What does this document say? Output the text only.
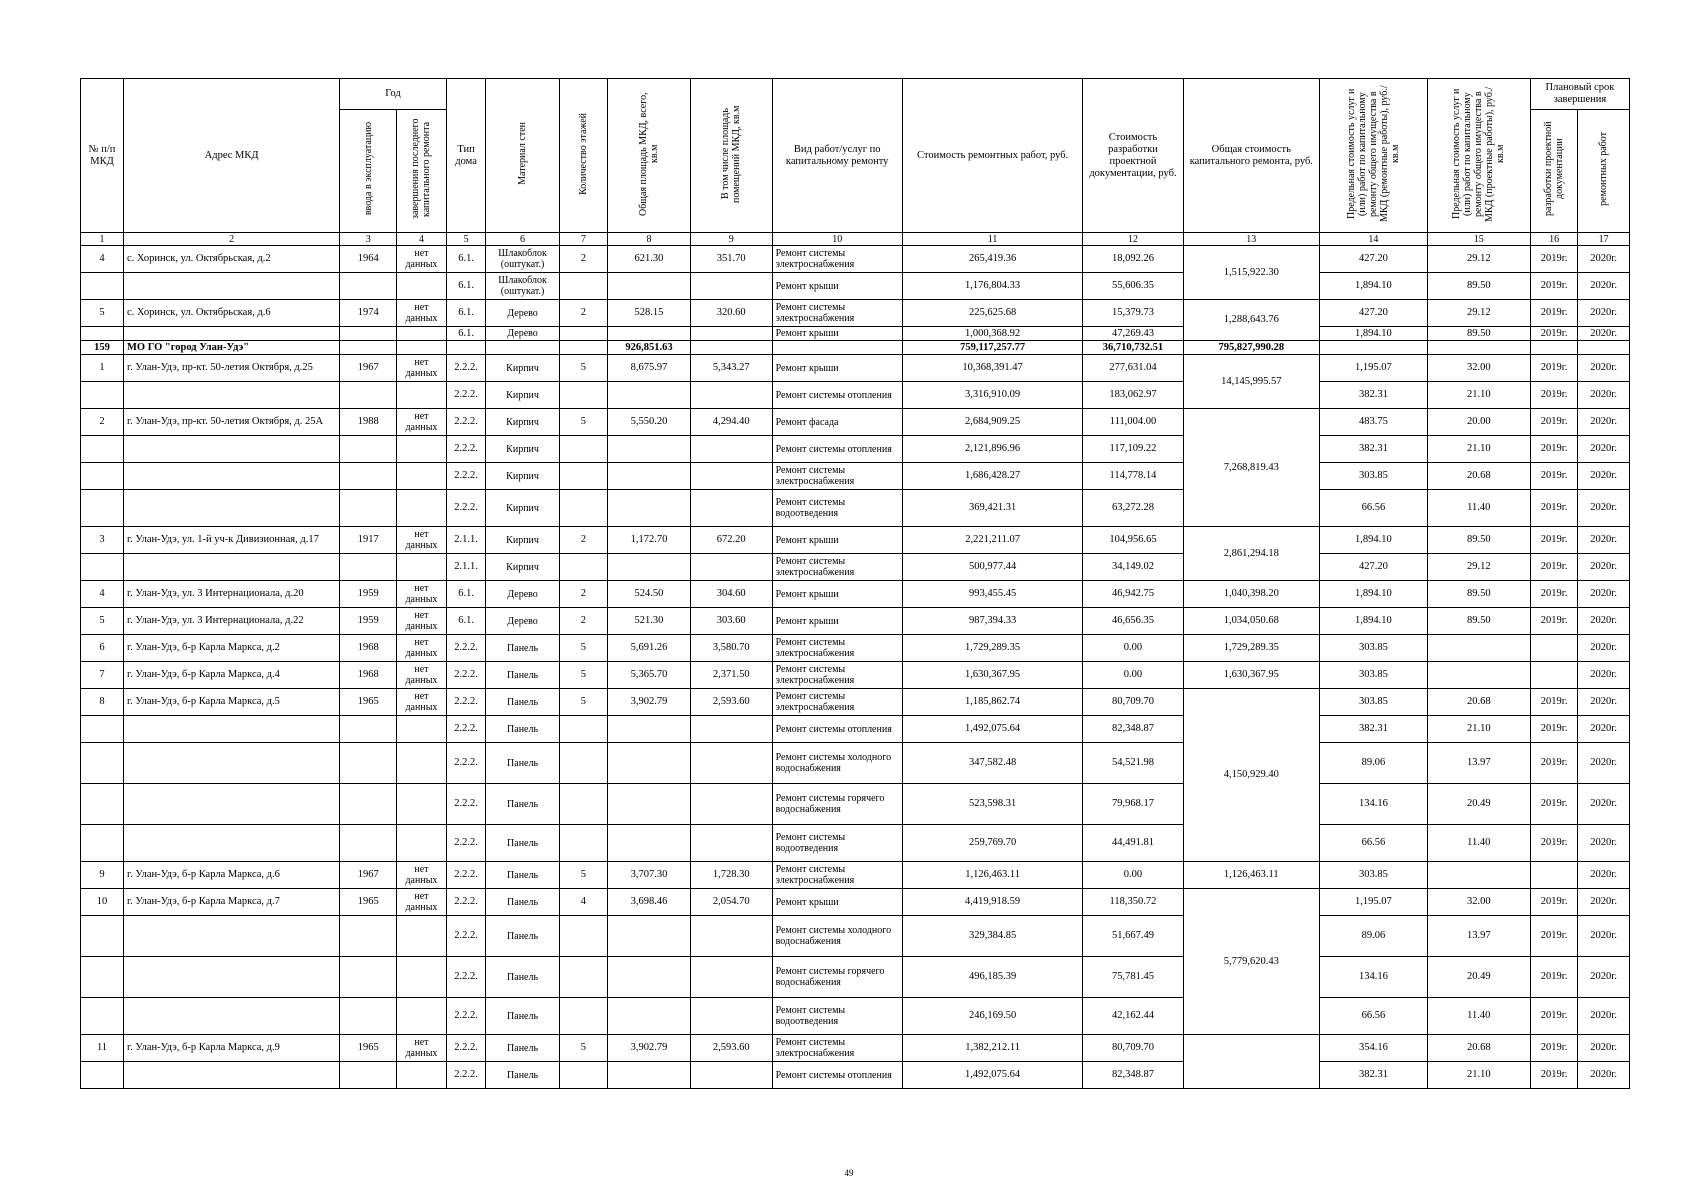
№ п/п МКД	Адрес МКД	Год		Тип дома	Материал стен	Количество этажей	Общая площадь МКД, всего, кв.м	В том числе площадь помещений МКД, кв.м	Вид работ/услуг по капитальному ремонту	Стоимость ремонтных работ, руб.	Стоимость разработки проектной документации, руб.	Общая стоимость капитального ремонта, руб.	Предельная стоимость услуг и (или) работ по капитальному ремонту общего имущества в МКД (ремонтные работы), руб./кв.м	Предельная стоимость услуг и (или) работ по капитальному ремонту общего имущества в МКД (проектные работы), руб./кв.м	Плановый срок завершения	
		ввода в эксплуатацию	завершения последнего капитального ремонта												разработки проектной документации	ремонтных работ
1	2	3	4	5	6	7	8	9	10	11	12	13	14	15	16	17
4	с. Хоринск, ул. Октябрьская, д.2	1964	нет данных	6.1.	Шлакоблок (оштукат.)	2	621.30	351.70	Ремонт системы электроснабжения	265,419.36	18,092.26	1,515,922.30	427.20	29.12	2019г.	2020г.
				6.1.	Шлакоблок (оштукат.)				Ремонт крыши	1,176,804.33	55,606.35		1,894.10	89.50	2019г.	2020г.
5	с. Хоринск, ул. Октябрьская, д.6	1974	нет данных	6.1.	Дерево	2	528.15	320.60	Ремонт системы электроснабжения	225,625.68	15,379.73	1,288,643.76	427.20	29.12	2019г.	2020г.
				6.1.	Дерево				Ремонт крыши	1,000,368.92	47,269.43		1,894.10	89.50	2019г.	2020г.
159	МО ГО "город Улан-Удэ"						926,851.63			759,117,257.77	36,710,732.51	795,827,990.28				
1	г. Улан-Удэ, пр-кт. 50-летия Октября, д.25	1967	нет данных	2.2.2.	Кирпич	5	8,675.97	5,343.27	Ремонт крыши	10,368,391.47	277,631.04	14,145,995.57	1,195.07	32.00	2019г.	2020г.
				2.2.2.	Кирпич				Ремонт системы отопления	3,316,910.09	183,062.97		382.31	21.10	2019г.	2020г.
2	г. Улан-Удэ, пр-кт. 50-летия Октября, д. 25А	1988	нет данных	2.2.2.	Кирпич	5	5,550.20	4,294.40	Ремонт фасада	2,684,909.25	111,004.00	7,268,819.43	483.75	20.00	2019г.	2020г.
				2.2.2.	Кирпич				Ремонт системы отопления	2,121,896.96	117,109.22		382.31	21.10	2019г.	2020г.
				2.2.2.	Кирпич				Ремонт системы электроснабжения	1,686,428.27	114,778.14		303.85	20.68	2019г.	2020г.
				2.2.2.	Кирпич				Ремонт системы водоотведения	369,421.31	63,272.28		66.56	11.40	2019г.	2020г.
3	г. Улан-Удэ, ул. 1-й уч-к Дивизионная, д.17	1917	нет данных	2.1.1.	Кирпич	2	1,172.70	672.20	Ремонт крыши	2,221,211.07	104,956.65	2,861,294.18	1,894.10	89.50	2019г.	2020г.
				2.1.1.	Кирпич				Ремонт системы электроснабжения	500,977.44	34,149.02		427.20	29.12	2019г.	2020г.
4	г. Улан-Удэ, ул. 3 Интернационала, д.20	1959	нет данных	6.1.	Дерево	2	524.50	304.60	Ремонт крыши	993,455.45	46,942.75	1,040,398.20	1,894.10	89.50	2019г.	2020г.
5	г. Улан-Удэ, ул. 3 Интернационала, д.22	1959	нет данных	6.1.	Дерево	2	521.30	303.60	Ремонт крыши	987,394.33	46,656.35	1,034,050.68	1,894.10	89.50	2019г.	2020г.
6	г. Улан-Удэ, б-р Карла Маркса, д.2	1968	нет данных	2.2.2.	Панель	5	5,691.26	3,580.70	Ремонт системы электроснабжения	1,729,289.35	0.00	1,729,289.35	303.85			2020г.
7	г. Улан-Удэ, б-р Карла Маркса, д.4	1968	нет данных	2.2.2.	Панель	5	5,365.70	2,371.50	Ремонт системы электроснабжения	1,630,367.95	0.00	1,630,367.95	303.85			2020г.
8	г. Улан-Удэ, б-р Карла Маркса, д.5	1965	нет данных	2.2.2.	Панель	5	3,902.79	2,593.60	Ремонт системы электроснабжения	1,185,862.74	80,709.70	4,150,929.40	303.85	20.68	2019г.	2020г.
				2.2.2.	Панель				Ремонт системы отопления	1,492,075.64	82,348.87		382.31	21.10	2019г.	2020г.
				2.2.2.	Панель				Ремонт системы холодного водоснабжения	347,582.48	54,521.98		89.06	13.97	2019г.	2020г.
				2.2.2.	Панель				Ремонт системы горячего водоснабжения	523,598.31	79,968.17		134.16	20.49	2019г.	2020г.
				2.2.2.	Панель				Ремонт системы водоотведения	259,769.70	44,491.81		66.56	11.40	2019г.	2020г.
9	г. Улан-Удэ, б-р Карла Маркса, д.6	1967	нет данных	2.2.2.	Панель	5	3,707.30	1,728.30	Ремонт системы электроснабжения	1,126,463.11	0.00	1,126,463.11	303.85			2020г.
10	г. Улан-Удэ, б-р Карла Маркса, д.7	1965	нет данных	2.2.2.	Панель	4	3,698.46	2,054.70	Ремонт крыши	4,419,918.59	118,350.72	5,779,620.43	1,195.07	32.00	2019г.	2020г.
				2.2.2.	Панель				Ремонт системы холодного водоснабжения	329,384.85	51,667.49		89.06	13.97	2019г.	2020г.
				2.2.2.	Панель				Ремонт системы горячего водоснабжения	496,185.39	75,781.45		134.16	20.49	2019г.	2020г.
				2.2.2.	Панель				Ремонт системы водоотведения	246,169.50	42,162.44		66.56	11.40	2019г.	2020г.
11	г. Улан-Удэ, б-р Карла Маркса, д.9	1965	нет данных	2.2.2.	Панель	5	3,902.79	2,593.60	Ремонт системы электроснабжения	1,382,212.11	80,709.70		354.16	20.68	2019г.	2020г.
				2.2.2.	Панель				Ремонт системы отопления	1,492,075.64	82,348.87		382.31	21.10	2019г.	2020г.
49
